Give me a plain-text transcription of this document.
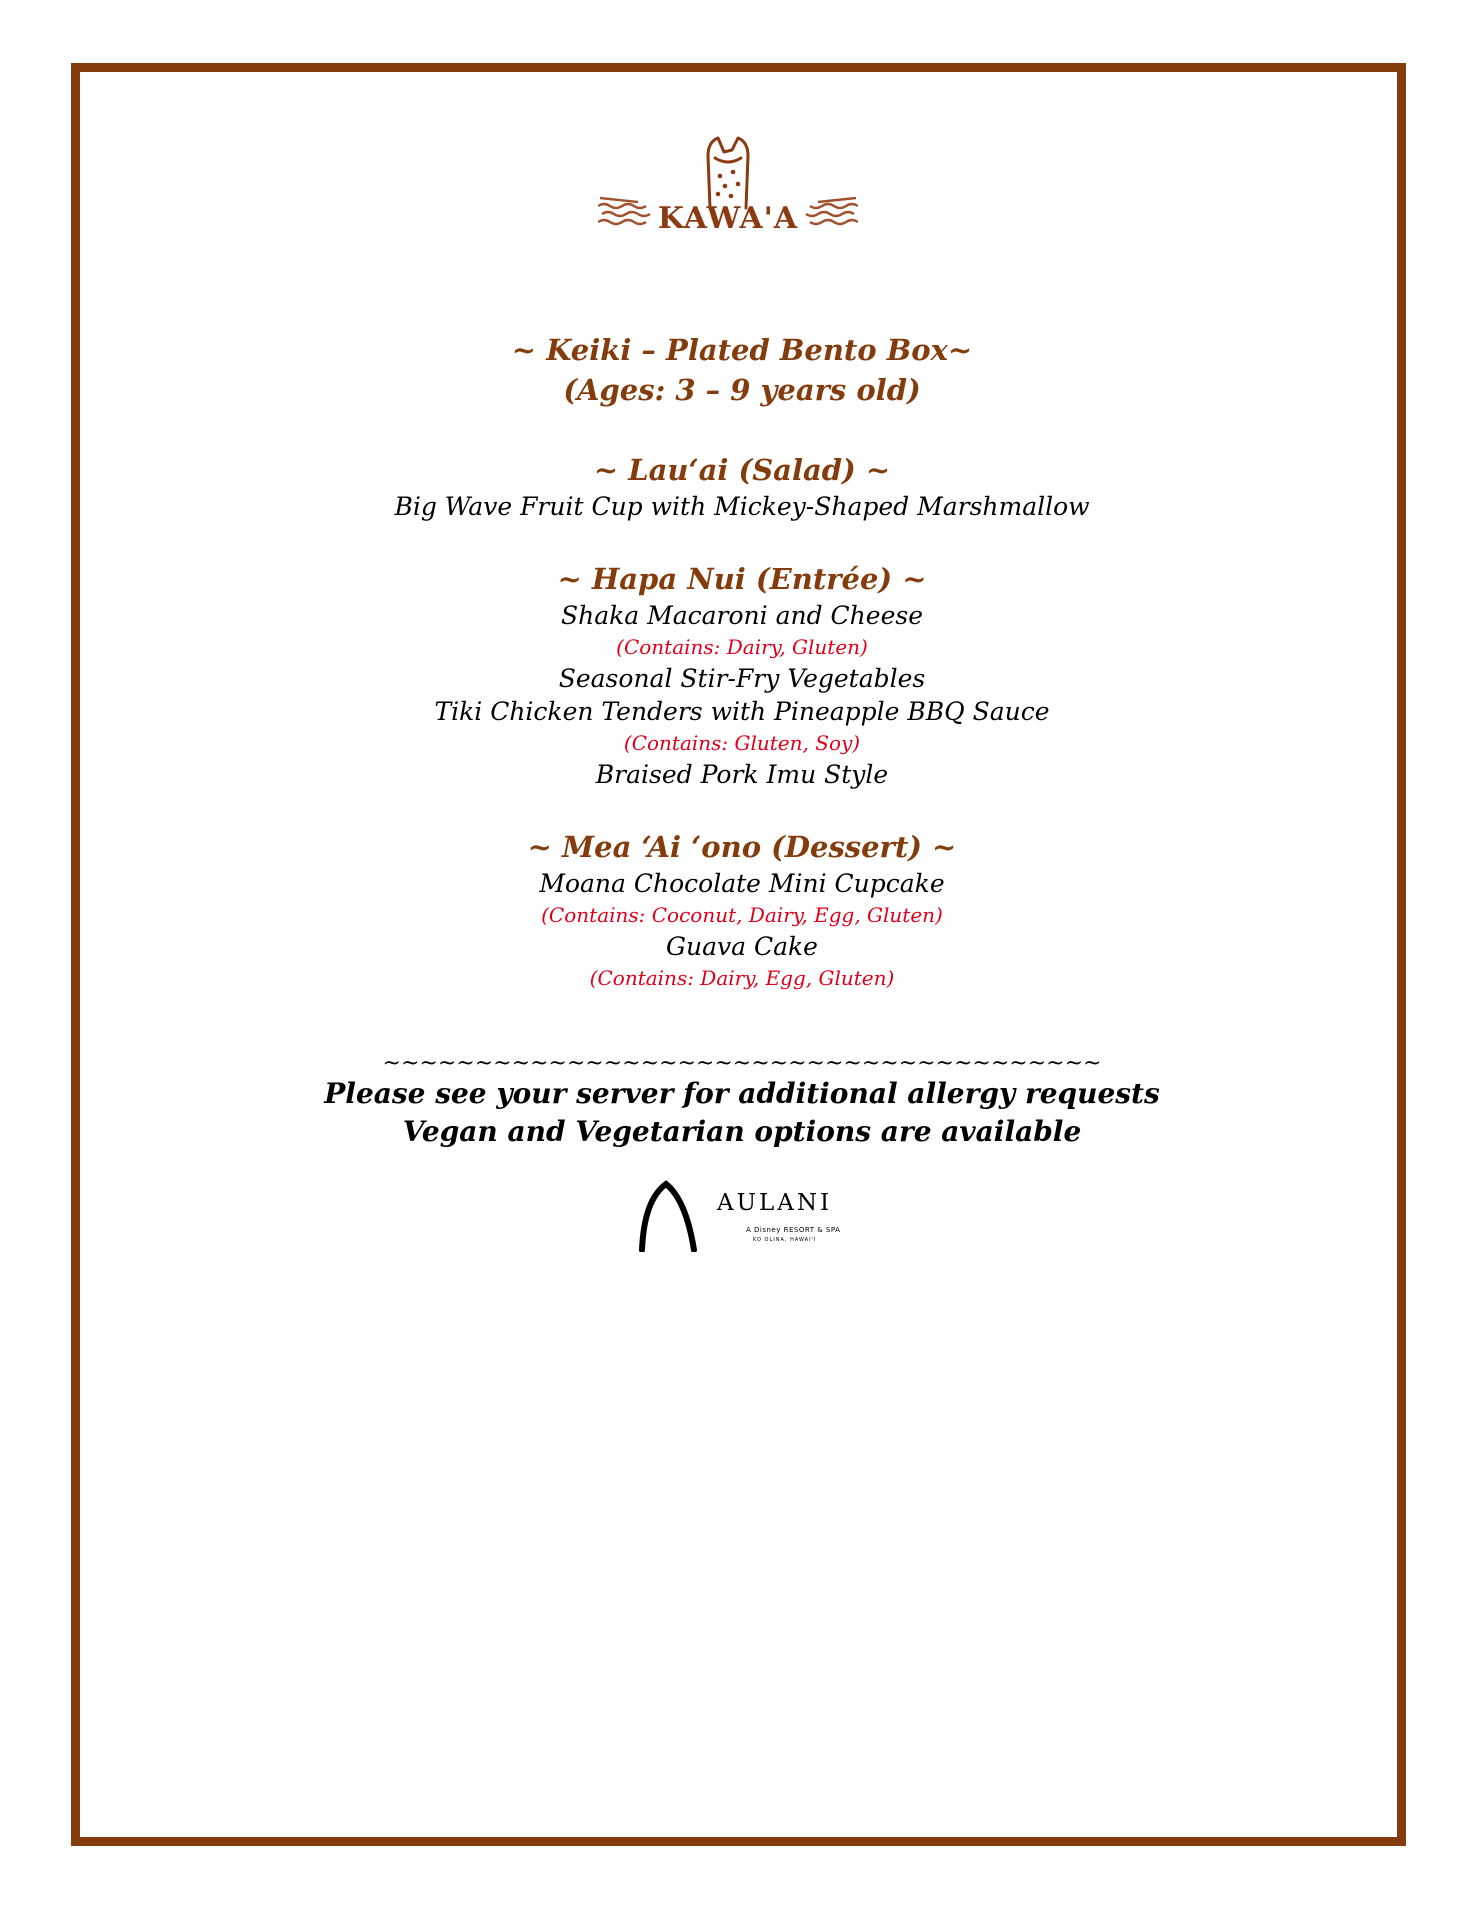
KAWA'A

~ Keiki – Plated Bento Box~

(Ages: 3 – 9 years old)

~ Lau‘ai (Salad) ~

Big Wave Fruit Cup with Mickey-Shaped Marshmallow

~ Hapa Nui (Entrée) ~

Shaka Macaroni and Cheese

(Contains: Dairy, Gluten)

Seasonal Stir-Fry Vegetables

Tiki Chicken Tenders with Pineapple BBQ Sauce

(Contains: Gluten, Soy)

Braised Pork Imu Style

~ Mea ‘Ai ‘ono (Dessert) ~

Moana Chocolate Mini Cupcake

(Contains: Coconut, Dairy, Egg, Gluten)

Guava Cake

(Contains: Dairy, Egg, Gluten)

~~~~~~~~~~~~~~~~~~~~~~~~~~~~~~~~~~~~~~~

Please see your server for additional allergy requests

Vegan and Vegetarian options are available

AULANI
A Disney RESORT & SPA
KO OLINA, HAWAI'I
